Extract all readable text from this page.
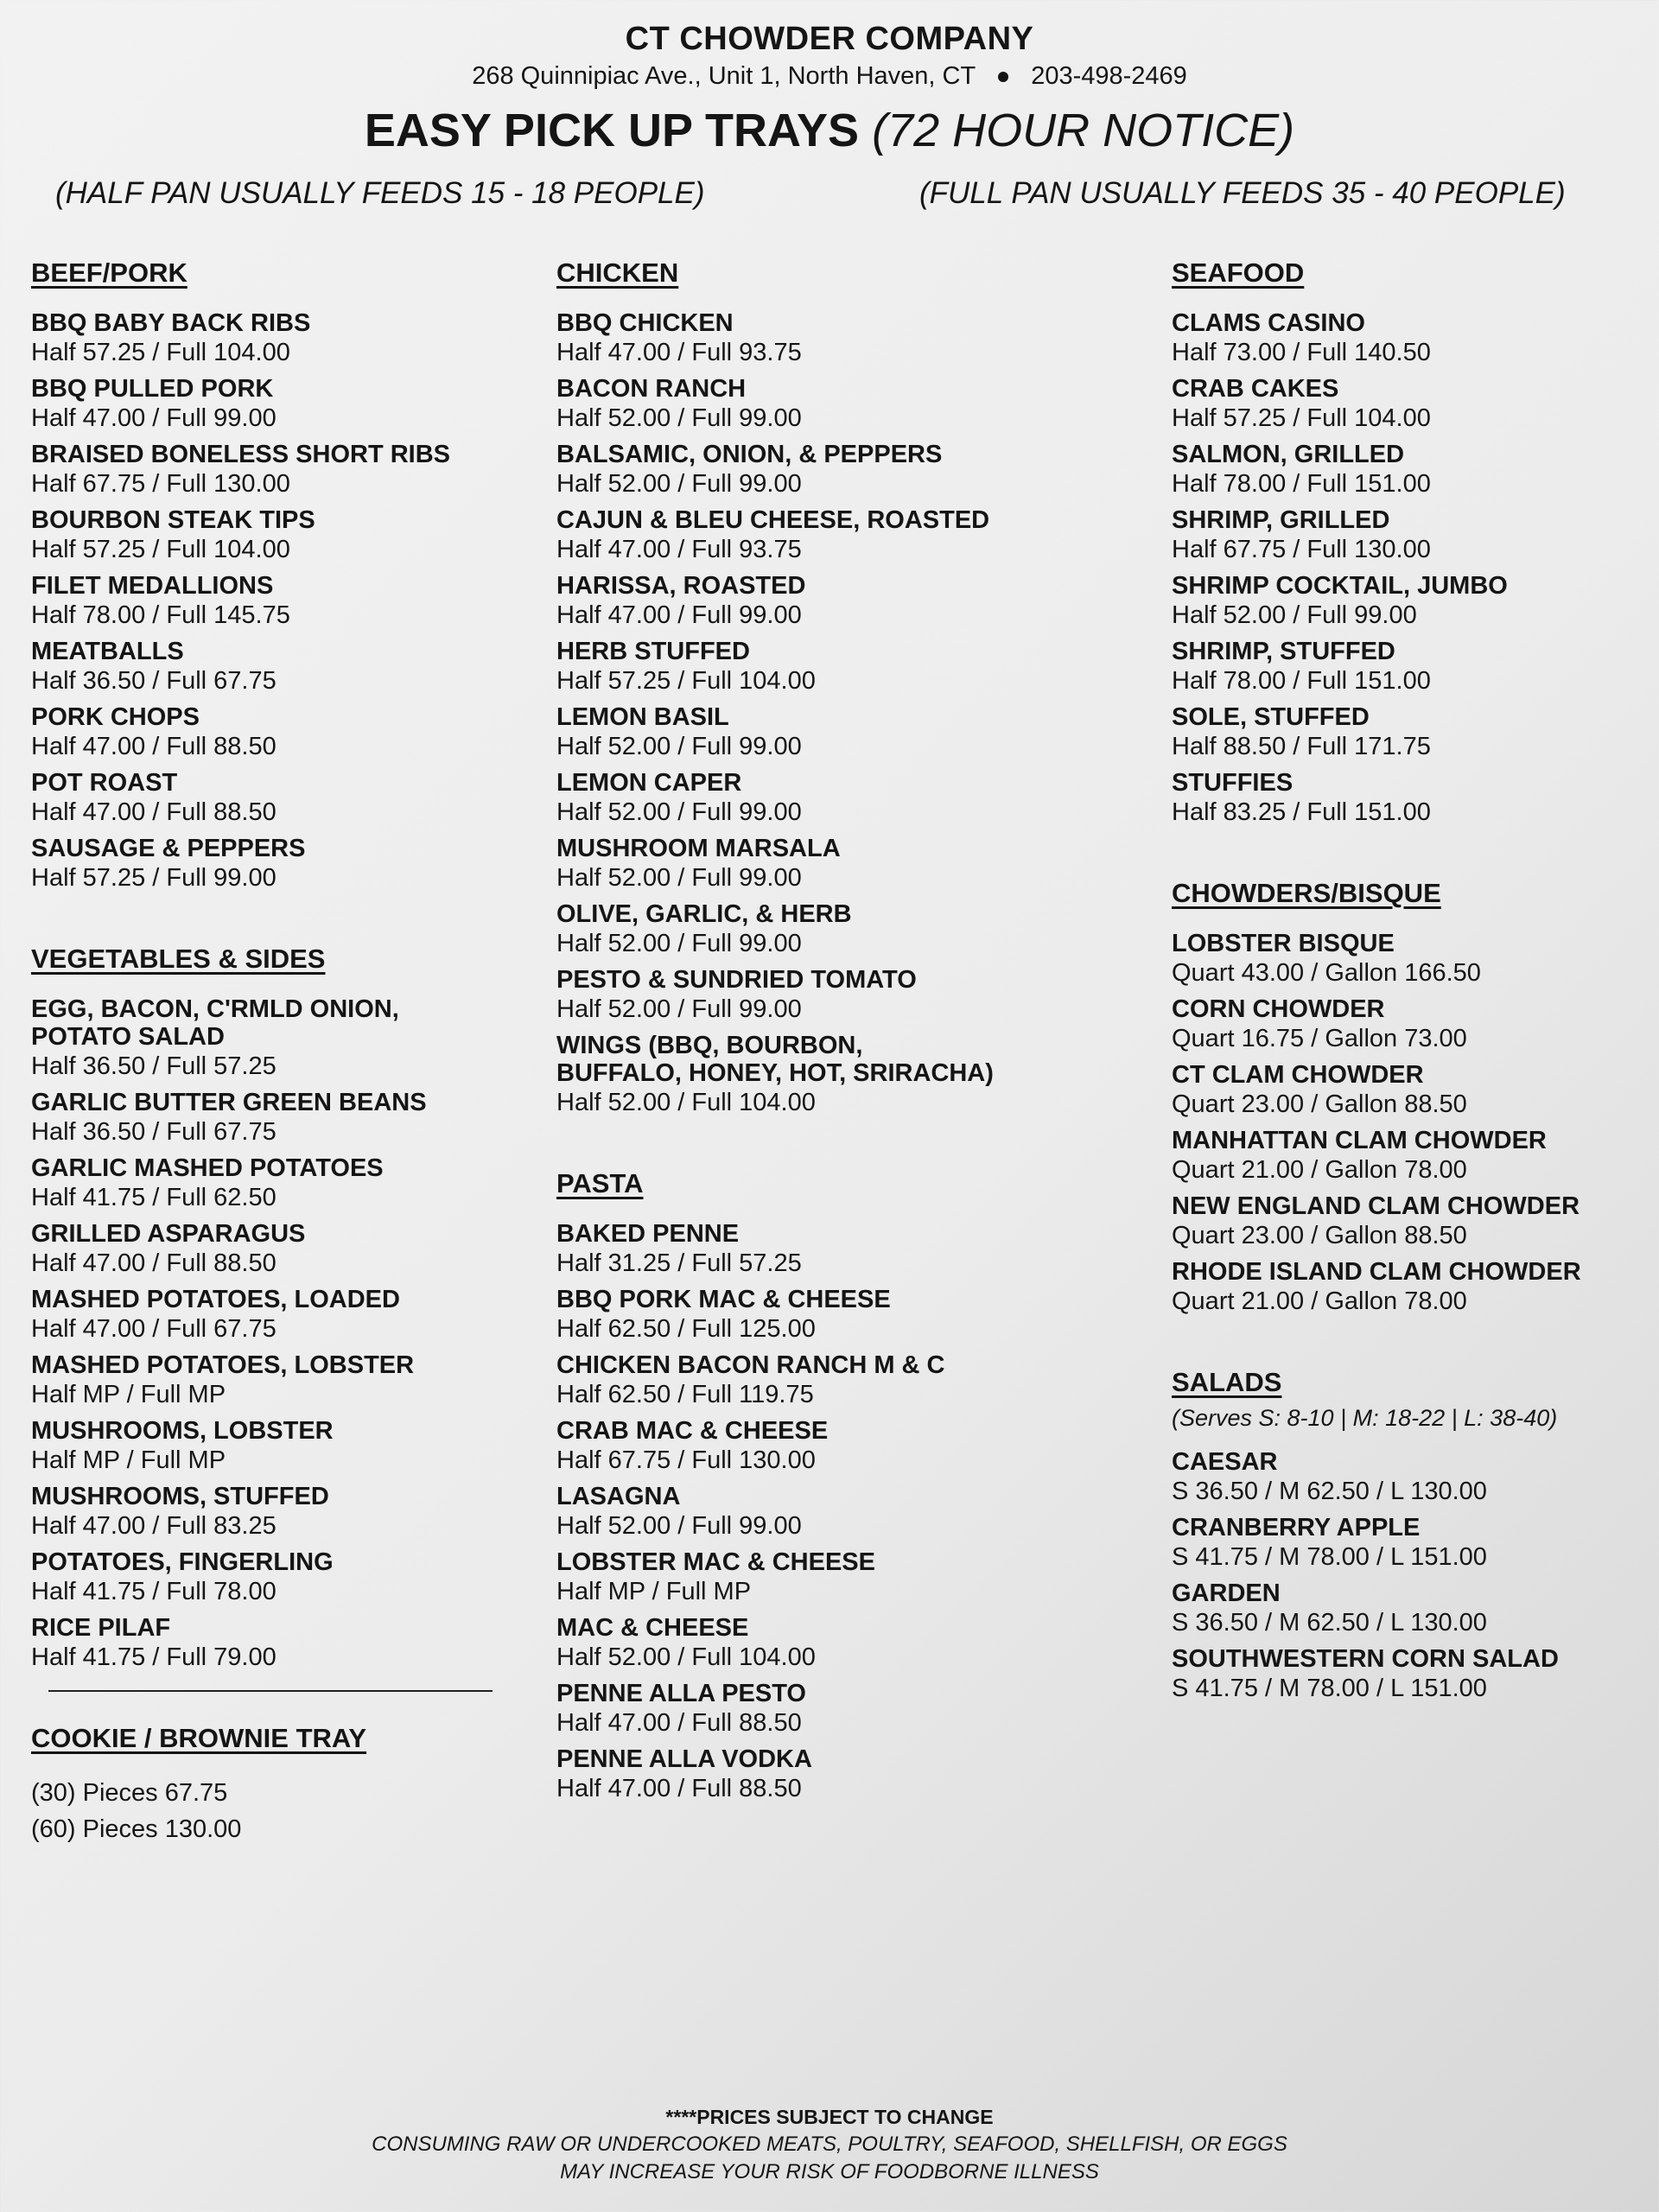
CT CHOWDER COMPANY
268 Quinnipiac Ave., Unit 1, North Haven, CT 203-498-2469
EASY PICK UP TRAYS (72 HOUR NOTICE)
(HALF PAN USUALLY FEEDS 15 - 18 PEOPLE)	(FULL PAN USUALLY FEEDS 35 - 40 PEOPLE)
BEEF/PORK
BBQ BABY BACK RIBS
Half 57.25 / Full 104.00
BBQ PULLED PORK
Half 47.00 / Full 99.00
BRAISED BONELESS SHORT RIBS
Half 67.75 / Full 130.00
BOURBON STEAK TIPS
Half 57.25 / Full 104.00
FILET MEDALLIONS
Half 78.00 / Full 145.75
MEATBALLS
Half 36.50 / Full 67.75
PORK CHOPS
Half 47.00 / Full 88.50
POT ROAST
Half 47.00 / Full 88.50
SAUSAGE & PEPPERS
Half 57.25 / Full 99.00
VEGETABLES & SIDES
EGG, BACON, C'RMLD ONION,
POTATO SALAD
Half 36.50 / Full 57.25
GARLIC BUTTER GREEN BEANS
Half 36.50 / Full 67.75
GARLIC MASHED POTATOES
Half 41.75 / Full 62.50
GRILLED ASPARAGUS
Half 47.00 / Full 88.50
MASHED POTATOES, LOADED
Half 47.00 / Full 67.75
MASHED POTATOES, LOBSTER
Half MP / Full MP
MUSHROOMS, LOBSTER
Half MP / Full MP
MUSHROOMS, STUFFED
Half 47.00 / Full 83.25
POTATOES, FINGERLING
Half 41.75 / Full 78.00
RICE PILAF
Half 41.75 / Full 79.00
COOKIE / BROWNIE TRAY
(30) Pieces 67.75
(60) Pieces 130.00
CHICKEN
BBQ CHICKEN
Half 47.00 / Full 93.75
BACON RANCH
Half 52.00 / Full 99.00
BALSAMIC, ONION, & PEPPERS
Half 52.00 / Full 99.00
CAJUN & BLEU CHEESE, ROASTED
Half 47.00 / Full 93.75
HARISSA, ROASTED
Half 47.00 / Full 99.00
HERB STUFFED
Half 57.25 / Full 104.00
LEMON BASIL
Half 52.00 / Full 99.00
LEMON CAPER
Half 52.00 / Full 99.00
MUSHROOM MARSALA
Half 52.00 / Full 99.00
OLIVE, GARLIC, & HERB
Half 52.00 / Full 99.00
PESTO & SUNDRIED TOMATO
Half 52.00 / Full 99.00
WINGS (BBQ, BOURBON,
BUFFALO, HONEY, HOT, SRIRACHA)
Half 52.00 / Full 104.00
PASTA
BAKED PENNE
Half 31.25 / Full 57.25
BBQ PORK MAC & CHEESE
Half 62.50 / Full 125.00
CHICKEN BACON RANCH M & C
Half 62.50 / Full 119.75
CRAB MAC & CHEESE
Half 67.75 / Full 130.00
LASAGNA
Half 52.00 / Full 99.00
LOBSTER MAC & CHEESE
Half MP / Full MP
MAC & CHEESE
Half 52.00 / Full 104.00
PENNE ALLA PESTO
Half 47.00 / Full 88.50
PENNE ALLA VODKA
Half 47.00 / Full 88.50
SEAFOOD
CLAMS CASINO
Half 73.00 / Full 140.50
CRAB CAKES
Half 57.25 / Full 104.00
SALMON, GRILLED
Half 78.00 / Full 151.00
SHRIMP, GRILLED
Half 67.75 / Full 130.00
SHRIMP COCKTAIL, JUMBO
Half 52.00 / Full 99.00
SHRIMP, STUFFED
Half 78.00 / Full 151.00
SOLE, STUFFED
Half 88.50 / Full 171.75
STUFFIES
Half 83.25 / Full 151.00
CHOWDERS/BISQUE
LOBSTER BISQUE
Quart 43.00 / Gallon 166.50
CORN CHOWDER
Quart 16.75 / Gallon 73.00
CT CLAM CHOWDER
Quart 23.00 / Gallon 88.50
MANHATTAN CLAM CHOWDER
Quart 21.00 / Gallon 78.00
NEW ENGLAND CLAM CHOWDER
Quart 23.00 / Gallon 88.50
RHODE ISLAND CLAM CHOWDER
Quart 21.00 / Gallon 78.00
SALADS
(Serves S: 8-10 | M: 18-22 | L: 38-40)
CAESAR
S 36.50 / M 62.50 / L 130.00
CRANBERRY APPLE
S 41.75 / M 78.00 / L 151.00
GARDEN
S 36.50 / M 62.50 / L 130.00
SOUTHWESTERN CORN SALAD
S 41.75 / M 78.00 / L 151.00
****PRICES SUBJECT TO CHANGE
CONSUMING RAW OR UNDERCOOKED MEATS, POULTRY, SEAFOOD, SHELLFISH, OR EGGS
MAY INCREASE YOUR RISK OF FOODBORNE ILLNESS
